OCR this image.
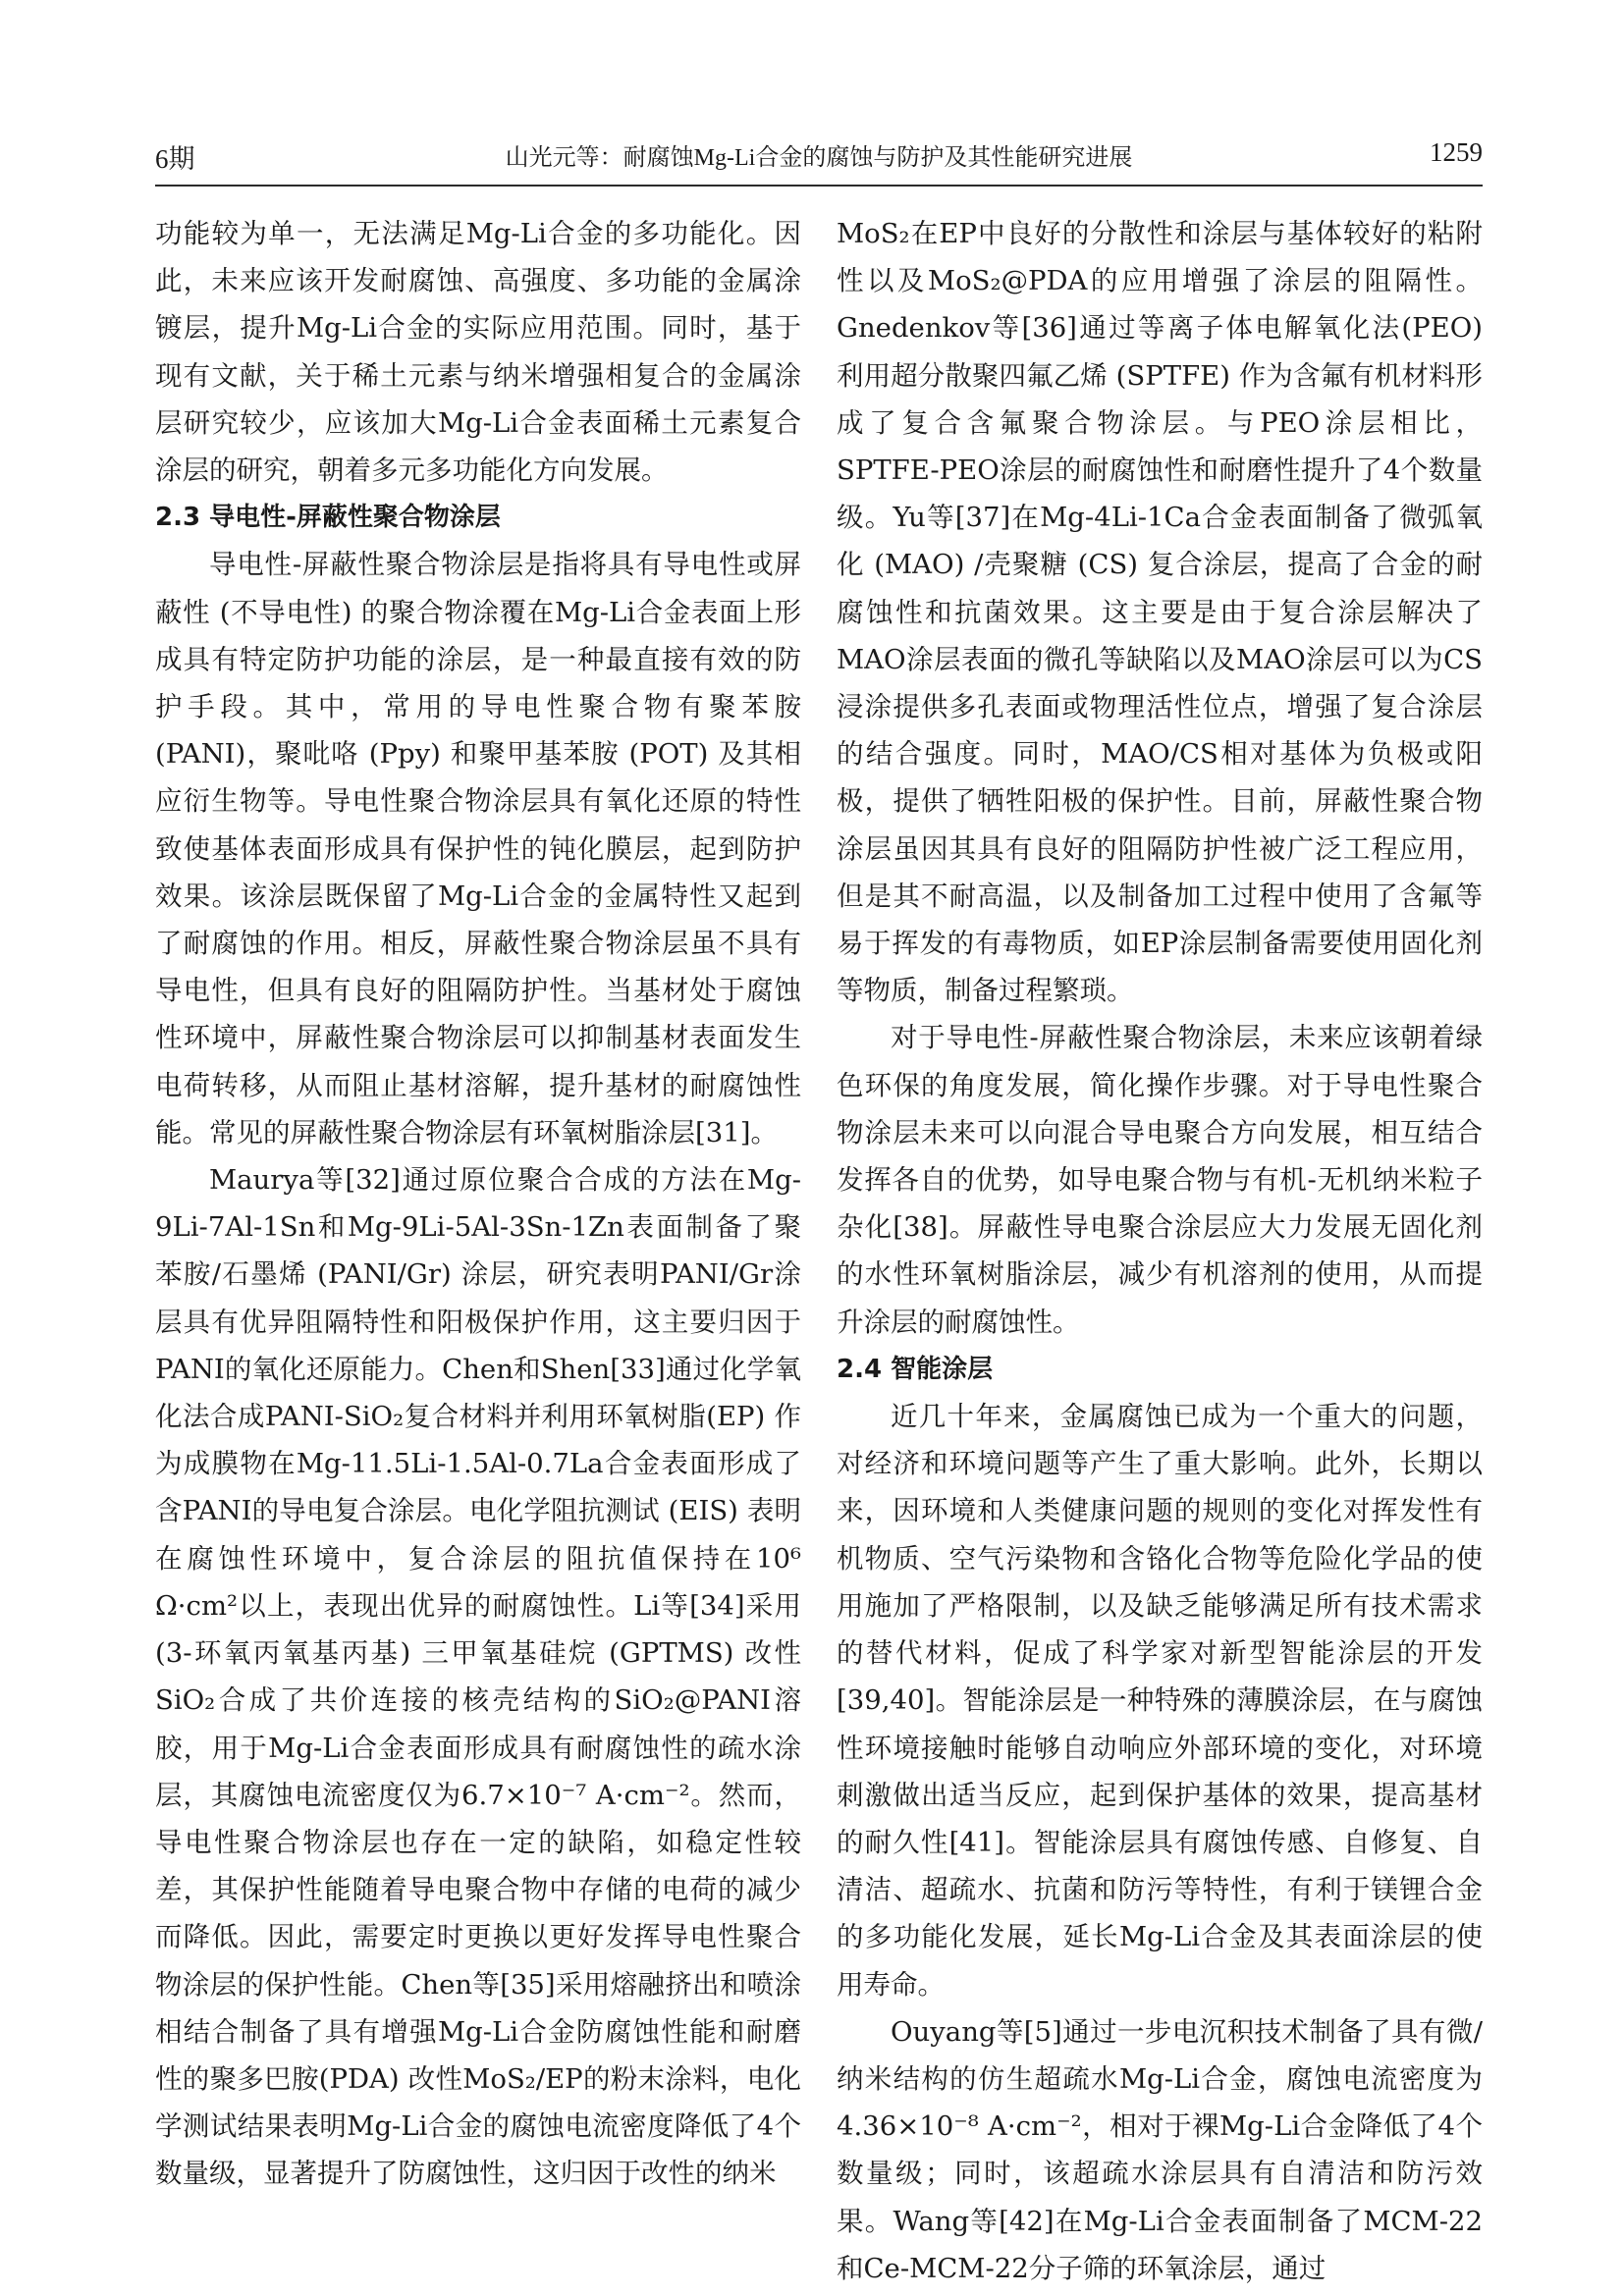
6期	山光元等：耐腐蚀Mg-Li合金的腐蚀与防护及其性能研究进展	1259

功能较为单一，无法满足Mg-Li合金的多功能化。因此，未来应该开发耐腐蚀、高强度、多功能的金属涂镀层，提升Mg-Li合金的实际应用范围。同时，基于现有文献，关于稀土元素与纳米增强相复合的金属涂层研究较少，应该加大Mg-Li合金表面稀土元素复合涂层的研究，朝着多元多功能化方向发展。

2.3 导电性-屏蔽性聚合物涂层

导电性-屏蔽性聚合物涂层是指将具有导电性或屏蔽性 (不导电性) 的聚合物涂覆在Mg-Li合金表面上形成具有特定防护功能的涂层，是一种最直接有效的防护手段。其中，常用的导电性聚合物有聚苯胺 (PANI)，聚吡咯 (Ppy) 和聚甲基苯胺 (POT) 及其相应衍生物等。导电性聚合物涂层具有氧化还原的特性致使基体表面形成具有保护性的钝化膜层，起到防护效果。该涂层既保留了Mg-Li合金的金属特性又起到了耐腐蚀的作用。相反，屏蔽性聚合物涂层虽不具有导电性，但具有良好的阻隔防护性。当基材处于腐蚀性环境中，屏蔽性聚合物涂层可以抑制基材表面发生电荷转移，从而阻止基材溶解，提升基材的耐腐蚀性能。常见的屏蔽性聚合物涂层有环氧树脂涂层[31]。

Maurya等[32]通过原位聚合合成的方法在Mg-9Li-7Al-1Sn和Mg-9Li-5Al-3Sn-1Zn表面制备了聚苯胺/石墨烯 (PANI/Gr) 涂层，研究表明PANI/Gr涂层具有优异阻隔特性和阳极保护作用，这主要归因于PANI的氧化还原能力。Chen和Shen[33]通过化学氧化法合成PANI-SiO₂复合材料并利用环氧树脂(EP) 作为成膜物在Mg-11.5Li-1.5Al-0.7La合金表面形成了含PANI的导电复合涂层。电化学阻抗测试 (EIS) 表明在腐蚀性环境中，复合涂层的阻抗值保持在10⁶ Ω·cm²以上，表现出优异的耐腐蚀性。Li等[34]采用 (3-环氧丙氧基丙基) 三甲氧基硅烷 (GPTMS) 改性SiO₂合成了共价连接的核壳结构的SiO₂@PANI溶胶，用于Mg-Li合金表面形成具有耐腐蚀性的疏水涂层，其腐蚀电流密度仅为6.7×10⁻⁷ A·cm⁻²。然而，导电性聚合物涂层也存在一定的缺陷，如稳定性较差，其保护性能随着导电聚合物中存储的电荷的减少而降低。因此，需要定时更换以更好发挥导电性聚合物涂层的保护性能。Chen等[35]采用熔融挤出和喷涂相结合制备了具有增强Mg-Li合金防腐蚀性能和耐磨性的聚多巴胺(PDA) 改性MoS₂/EP的粉末涂料，电化学测试结果表明Mg-Li合金的腐蚀电流密度降低了4个数量级，显著提升了防腐蚀性，这归因于改性的纳米

MoS₂在EP中良好的分散性和涂层与基体较好的粘附性以及MoS₂@PDA的应用增强了涂层的阻隔性。Gnedenkov等[36]通过等离子体电解氧化法(PEO) 利用超分散聚四氟乙烯 (SPTFE) 作为含氟有机材料形成了复合含氟聚合物涂层。与PEO涂层相比，SPTFE-PEO涂层的耐腐蚀性和耐磨性提升了4个数量级。Yu等[37]在Mg-4Li-1Ca合金表面制备了微弧氧化 (MAO) /壳聚糖 (CS) 复合涂层，提高了合金的耐腐蚀性和抗菌效果。这主要是由于复合涂层解决了MAO涂层表面的微孔等缺陷以及MAO涂层可以为CS浸涂提供多孔表面或物理活性位点，增强了复合涂层的结合强度。同时，MAO/CS相对基体为负极或阳极，提供了牺牲阳极的保护性。目前，屏蔽性聚合物涂层虽因其具有良好的阻隔防护性被广泛工程应用，但是其不耐高温，以及制备加工过程中使用了含氟等易于挥发的有毒物质，如EP涂层制备需要使用固化剂等物质，制备过程繁琐。

对于导电性-屏蔽性聚合物涂层，未来应该朝着绿色环保的角度发展，简化操作步骤。对于导电性聚合物涂层未来可以向混合导电聚合方向发展，相互结合发挥各自的优势，如导电聚合物与有机-无机纳米粒子杂化[38]。屏蔽性导电聚合涂层应大力发展无固化剂的水性环氧树脂涂层，减少有机溶剂的使用，从而提升涂层的耐腐蚀性。

2.4 智能涂层

近几十年来，金属腐蚀已成为一个重大的问题，对经济和环境问题等产生了重大影响。此外，长期以来，因环境和人类健康问题的规则的变化对挥发性有机物质、空气污染物和含铬化合物等危险化学品的使用施加了严格限制，以及缺乏能够满足所有技术需求的替代材料，促成了科学家对新型智能涂层的开发[39,40]。智能涂层是一种特殊的薄膜涂层，在与腐蚀性环境接触时能够自动响应外部环境的变化，对环境刺激做出适当反应，起到保护基体的效果，提高基材的耐久性[41]。智能涂层具有腐蚀传感、自修复、自清洁、超疏水、抗菌和防污等特性，有利于镁锂合金的多功能化发展，延长Mg-Li合金及其表面涂层的使用寿命。

Ouyang等[5]通过一步电沉积技术制备了具有微/纳米结构的仿生超疏水Mg-Li合金，腐蚀电流密度为4.36×10⁻⁸ A·cm⁻²，相对于裸Mg-Li合金降低了4个数量级；同时，该超疏水涂层具有自清洁和防污效果。Wang等[42]在Mg-Li合金表面制备了MCM-22和Ce-MCM-22分子筛的环氧涂层，通过
